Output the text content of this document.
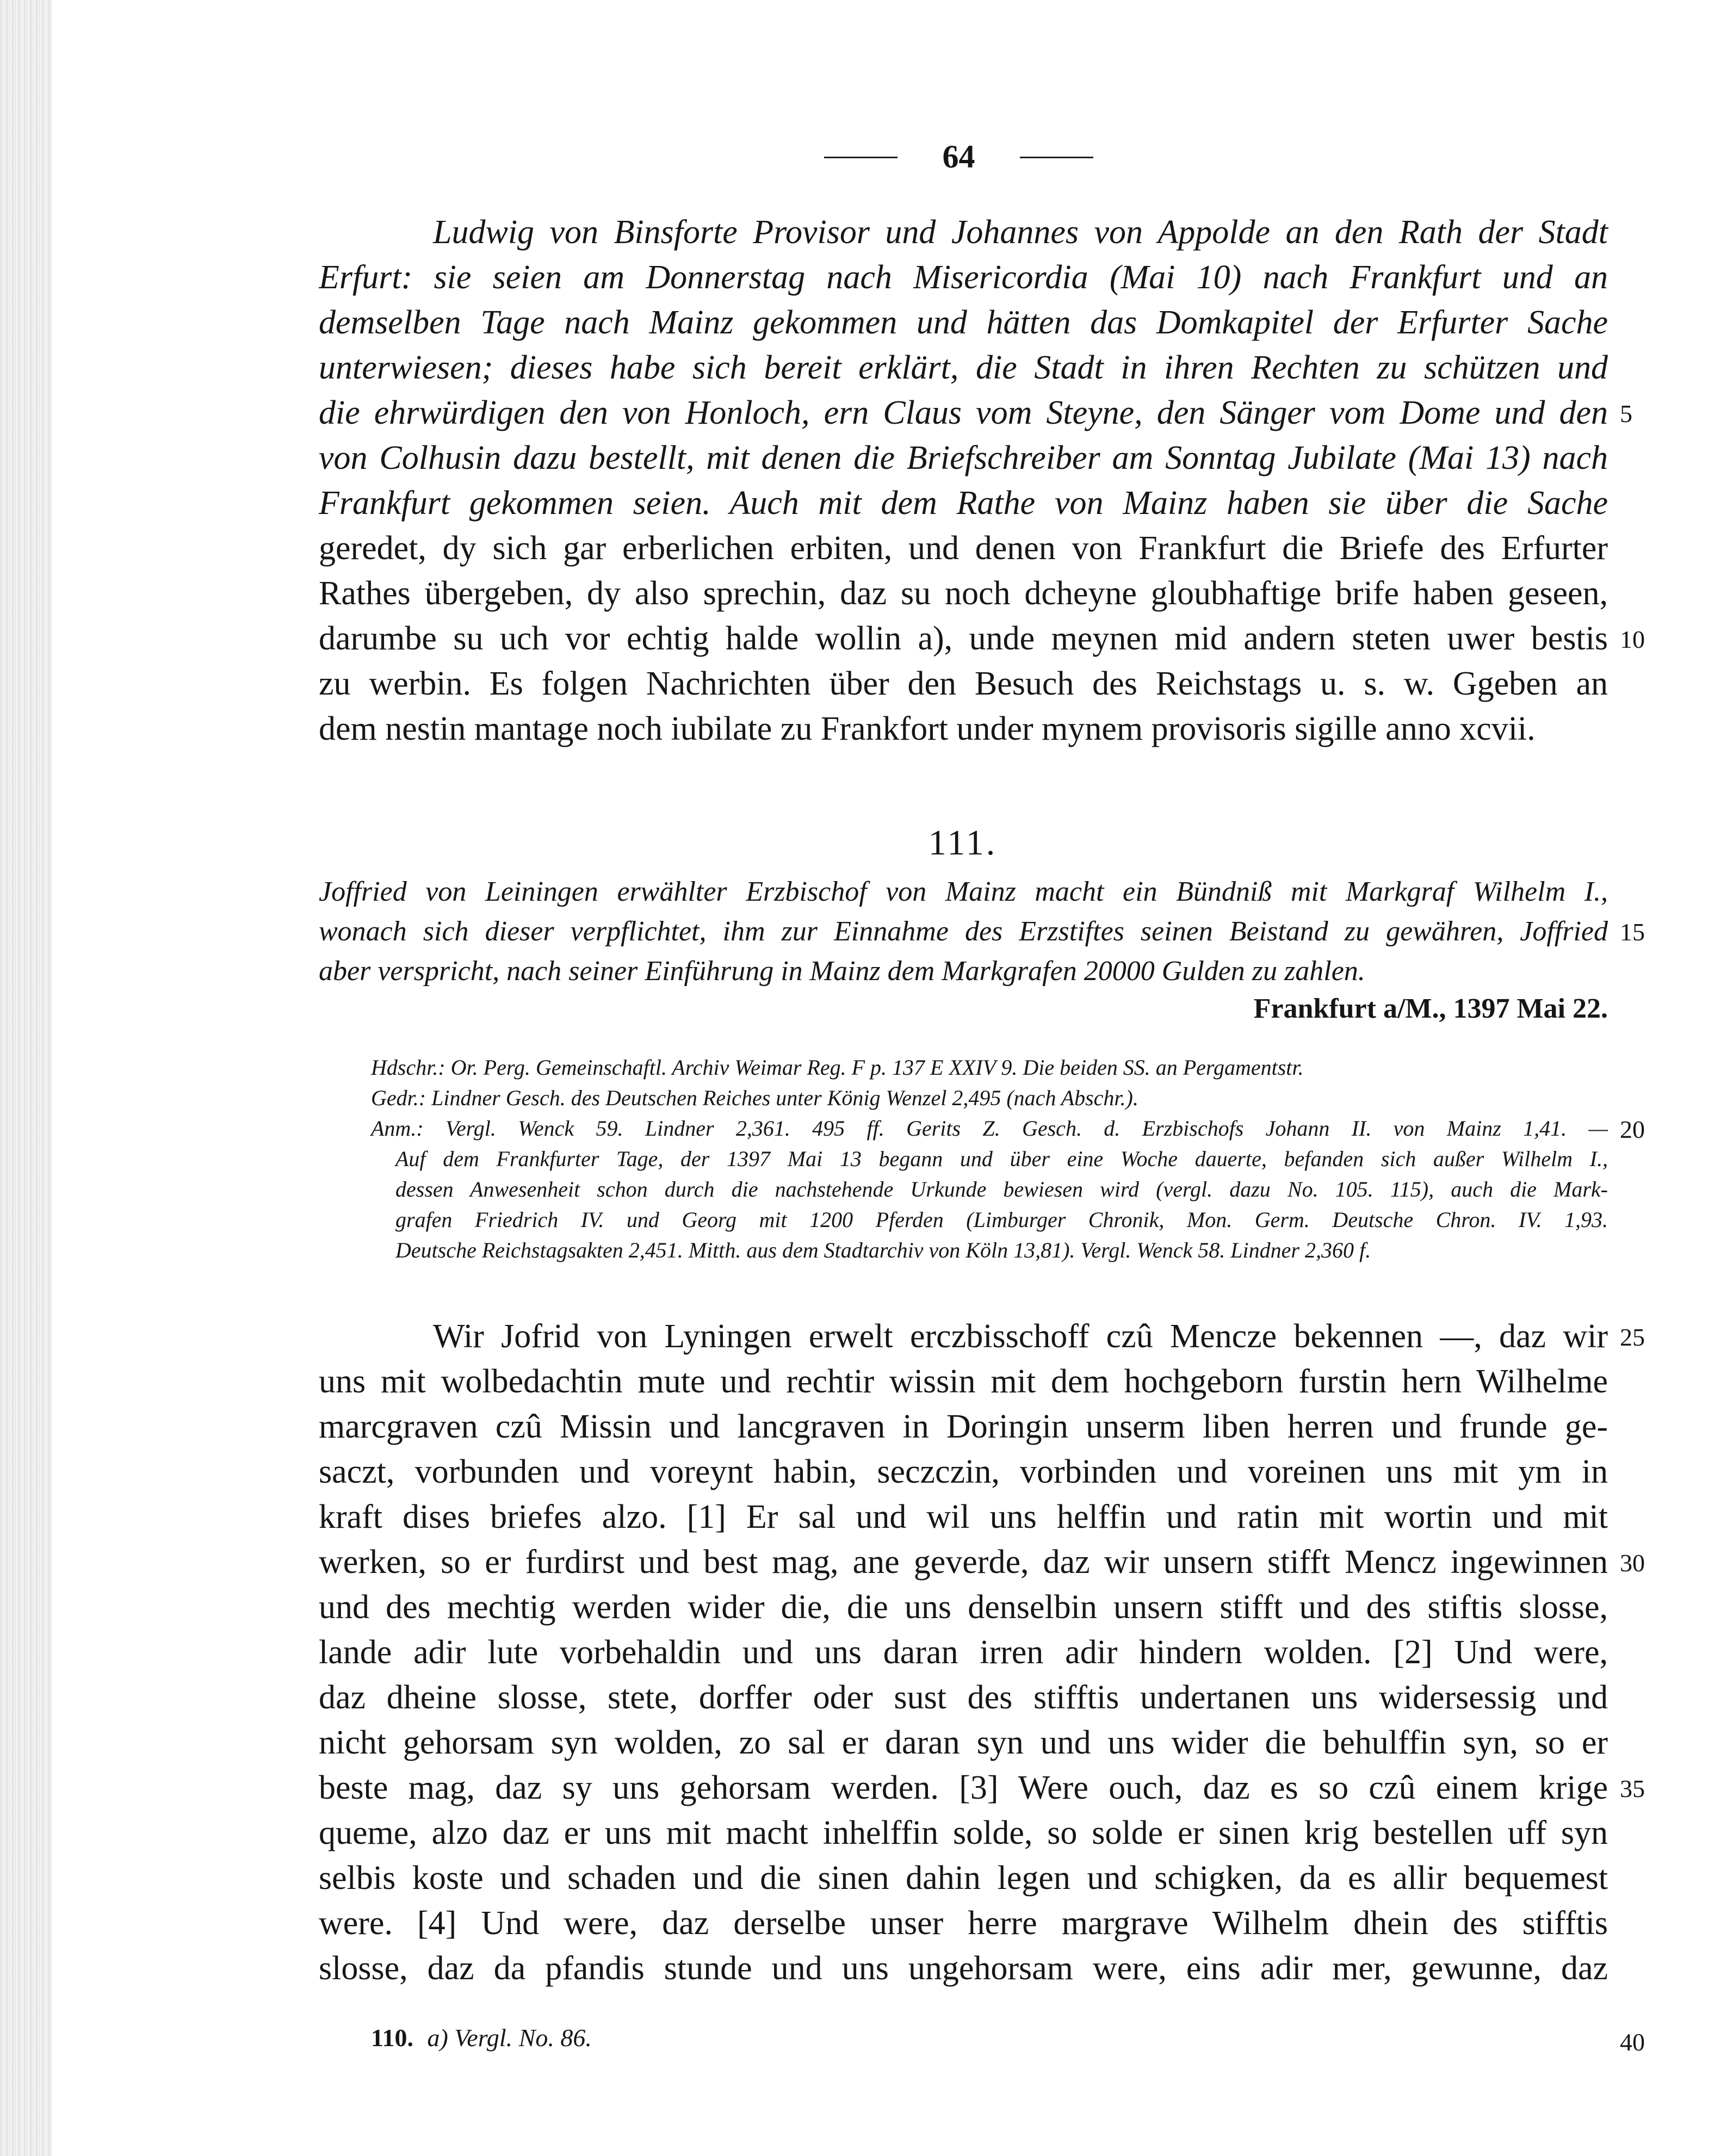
64
Ludwig von Binsforte Provisor und Johannes von Appolde an den Rath der Stadt
Erfurt: sie seien am Donnerstag nach Misericordia (Mai 10) nach Frankfurt und an
demselben Tage nach Mainz gekommen und hätten das Domkapitel der Erfurter Sache
unterwiesen; dieses habe sich bereit erklärt, die Stadt in ihren Rechten zu schützen und
die ehrwürdigen den von Honloch, ern Claus vom Steyne, den Sänger vom Dome und den
von Colhusin dazu bestellt, mit denen die Briefschreiber am Sonntag Jubilate (Mai 13) nach
Frankfurt gekommen seien. Auch mit dem Rathe von Mainz haben sie über die Sache
geredet, dy sich gar erberlichen erbiten, und denen von Frankfurt die Briefe des Erfurter
Rathes übergeben, dy also sprechin, daz su noch dcheyne gloubhaftige brife haben geseen,
darumbe su uch vor echtig halde wollin a), unde meynen mid andern steten uwer bestis
zu werbin. Es folgen Nachrichten über den Besuch des Reichstags u. s. w. Ggeben an
dem nestin mantage noch iubilate zu Frankfort under mynem provisoris sigille anno xcvii.
111.
Joffried von Leiningen erwählter Erzbischof von Mainz macht ein Bündniß mit Markgraf Wilhelm I.,
wonach sich dieser verpflichtet, ihm zur Einnahme des Erzstiftes seinen Beistand zu gewähren, Joffried
aber verspricht, nach seiner Einführung in Mainz dem Markgrafen 20000 Gulden zu zahlen.
Frankfurt a/M., 1397 Mai 22.
Hdschr.: Or. Perg. Gemeinschaftl. Archiv Weimar Reg. F p. 137 E XXIV 9. Die beiden SS. an Pergamentstr.
Gedr.: Lindner Gesch. des Deutschen Reiches unter König Wenzel 2,495 (nach Abschr.).
Anm.: Vergl. Wenck 59. Lindner 2,361. 495 ff. Gerits Z. Gesch. d. Erzbischofs Johann II. von Mainz 1,41. —
Auf dem Frankfurter Tage, der 1397 Mai 13 begann und über eine Woche dauerte, befanden sich außer Wilhelm I.,
dessen Anwesenheit schon durch die nachstehende Urkunde bewiesen wird (vergl. dazu No. 105. 115), auch die Mark-
grafen Friedrich IV. und Georg mit 1200 Pferden (Limburger Chronik, Mon. Germ. Deutsche Chron. IV. 1,93.
Deutsche Reichstagsakten 2,451. Mitth. aus dem Stadtarchiv von Köln 13,81). Vergl. Wenck 58. Lindner 2,360 f.
Wir Jofrid von Lyningen erwelt erczbisschoff czû Mencze bekennen —, daz wir
uns mit wolbedachtin mute und rechtir wissin mit dem hochgeborn furstin hern Wilhelme
marcgraven czû Missin und lancgraven in Doringin unserm liben herren und frunde ge-
saczt, vorbunden und voreynt habin, seczczin, vorbinden und voreinen uns mit ym in
kraft dises briefes alzo. [1] Er sal und wil uns helffin und ratin mit wortin und mit
werken, so er furdirst und best mag, ane geverde, daz wir unsern stifft Mencz ingewinnen
und des mechtig werden wider die, die uns denselbin unsern stifft und des stiftis slosse,
lande adir lute vorbehaldin und uns daran irren adir hindern wolden. [2] Und were,
daz dheine slosse, stete, dorffer oder sust des stifftis undertanen uns widersessig und
nicht gehorsam syn wolden, zo sal er daran syn und uns wider die behulffin syn, so er
beste mag, daz sy uns gehorsam werden. [3] Were ouch, daz es so czû einem krige
queme, alzo daz er uns mit macht inhelffin solde, so solde er sinen krig bestellen uff syn
selbis koste und schaden und die sinen dahin legen und schigken, da es allir bequemest
were. [4] Und were, daz derselbe unser herre margrave Wilhelm dhein des stifftis
slosse, daz da pfandis stunde und uns ungehorsam were, eins adir mer, gewunne, daz
5
10
15
20
25
30
35
110. a) Vergl. No. 86.	40
